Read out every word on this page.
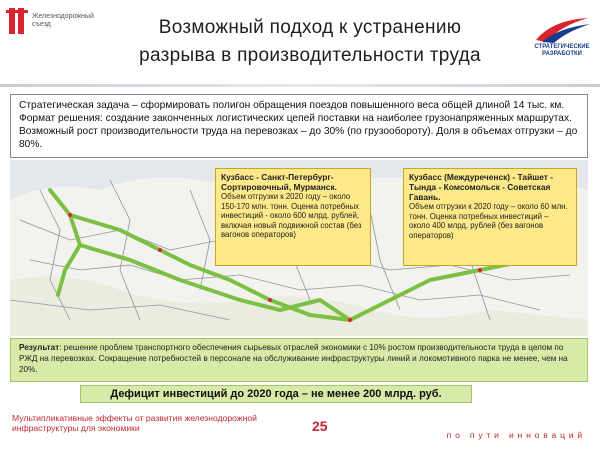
Железнодорожный съезд	Возможный подход к устранению
разрыва в производительности труда	СТРАТЕГИЧЕСКИЕ РАЗРАБОТКИ
Стратегическая задача – сформировать полигон обращения поездов повышенного веса общей длиной 14 тыс. км. Формат решения: создание законченных логистических цепей поставки на наиболее грузонапряженных маршрутах. Возможный рост производительности труда на перевозках – до 30% (по грузообороту). Доля в объемах отгрузки – до 80%.
Кузбасс - Санкт-Петербург-Сортировочный, Мурманск.
Объем отгрузки к 2020 году – около 150-170 млн. тонн. Оценка потребных инвестиций - около 600 млрд. рублей, включая новый подвижной состав (без вагонов операторов)
Кузбасс (Междуреченск) - Тайшет - Тында - Комсомольск - Советская Гавань.
Объем отгрузки к 2020 году – около 60 млн. тонн. Оценка потребных инвестиций – около 400 млрд. рублей (без вагонов операторов)
Результат: решение проблем транспортного обеспечения сырьевых отраслей экономики с 10% ростом производительности труда в целом по РЖД на перевозках. Сокращение потребностей в персонале на обслуживание инфраструктуры линий и локомотивного парка не менее, чем на 20%.
Дефицит инвестиций до 2020 года – не менее 200 млрд. руб.
Мультипликативные эффекты от развития железнодорожной инфраструктуры для экономики	25
по пути инноваций
